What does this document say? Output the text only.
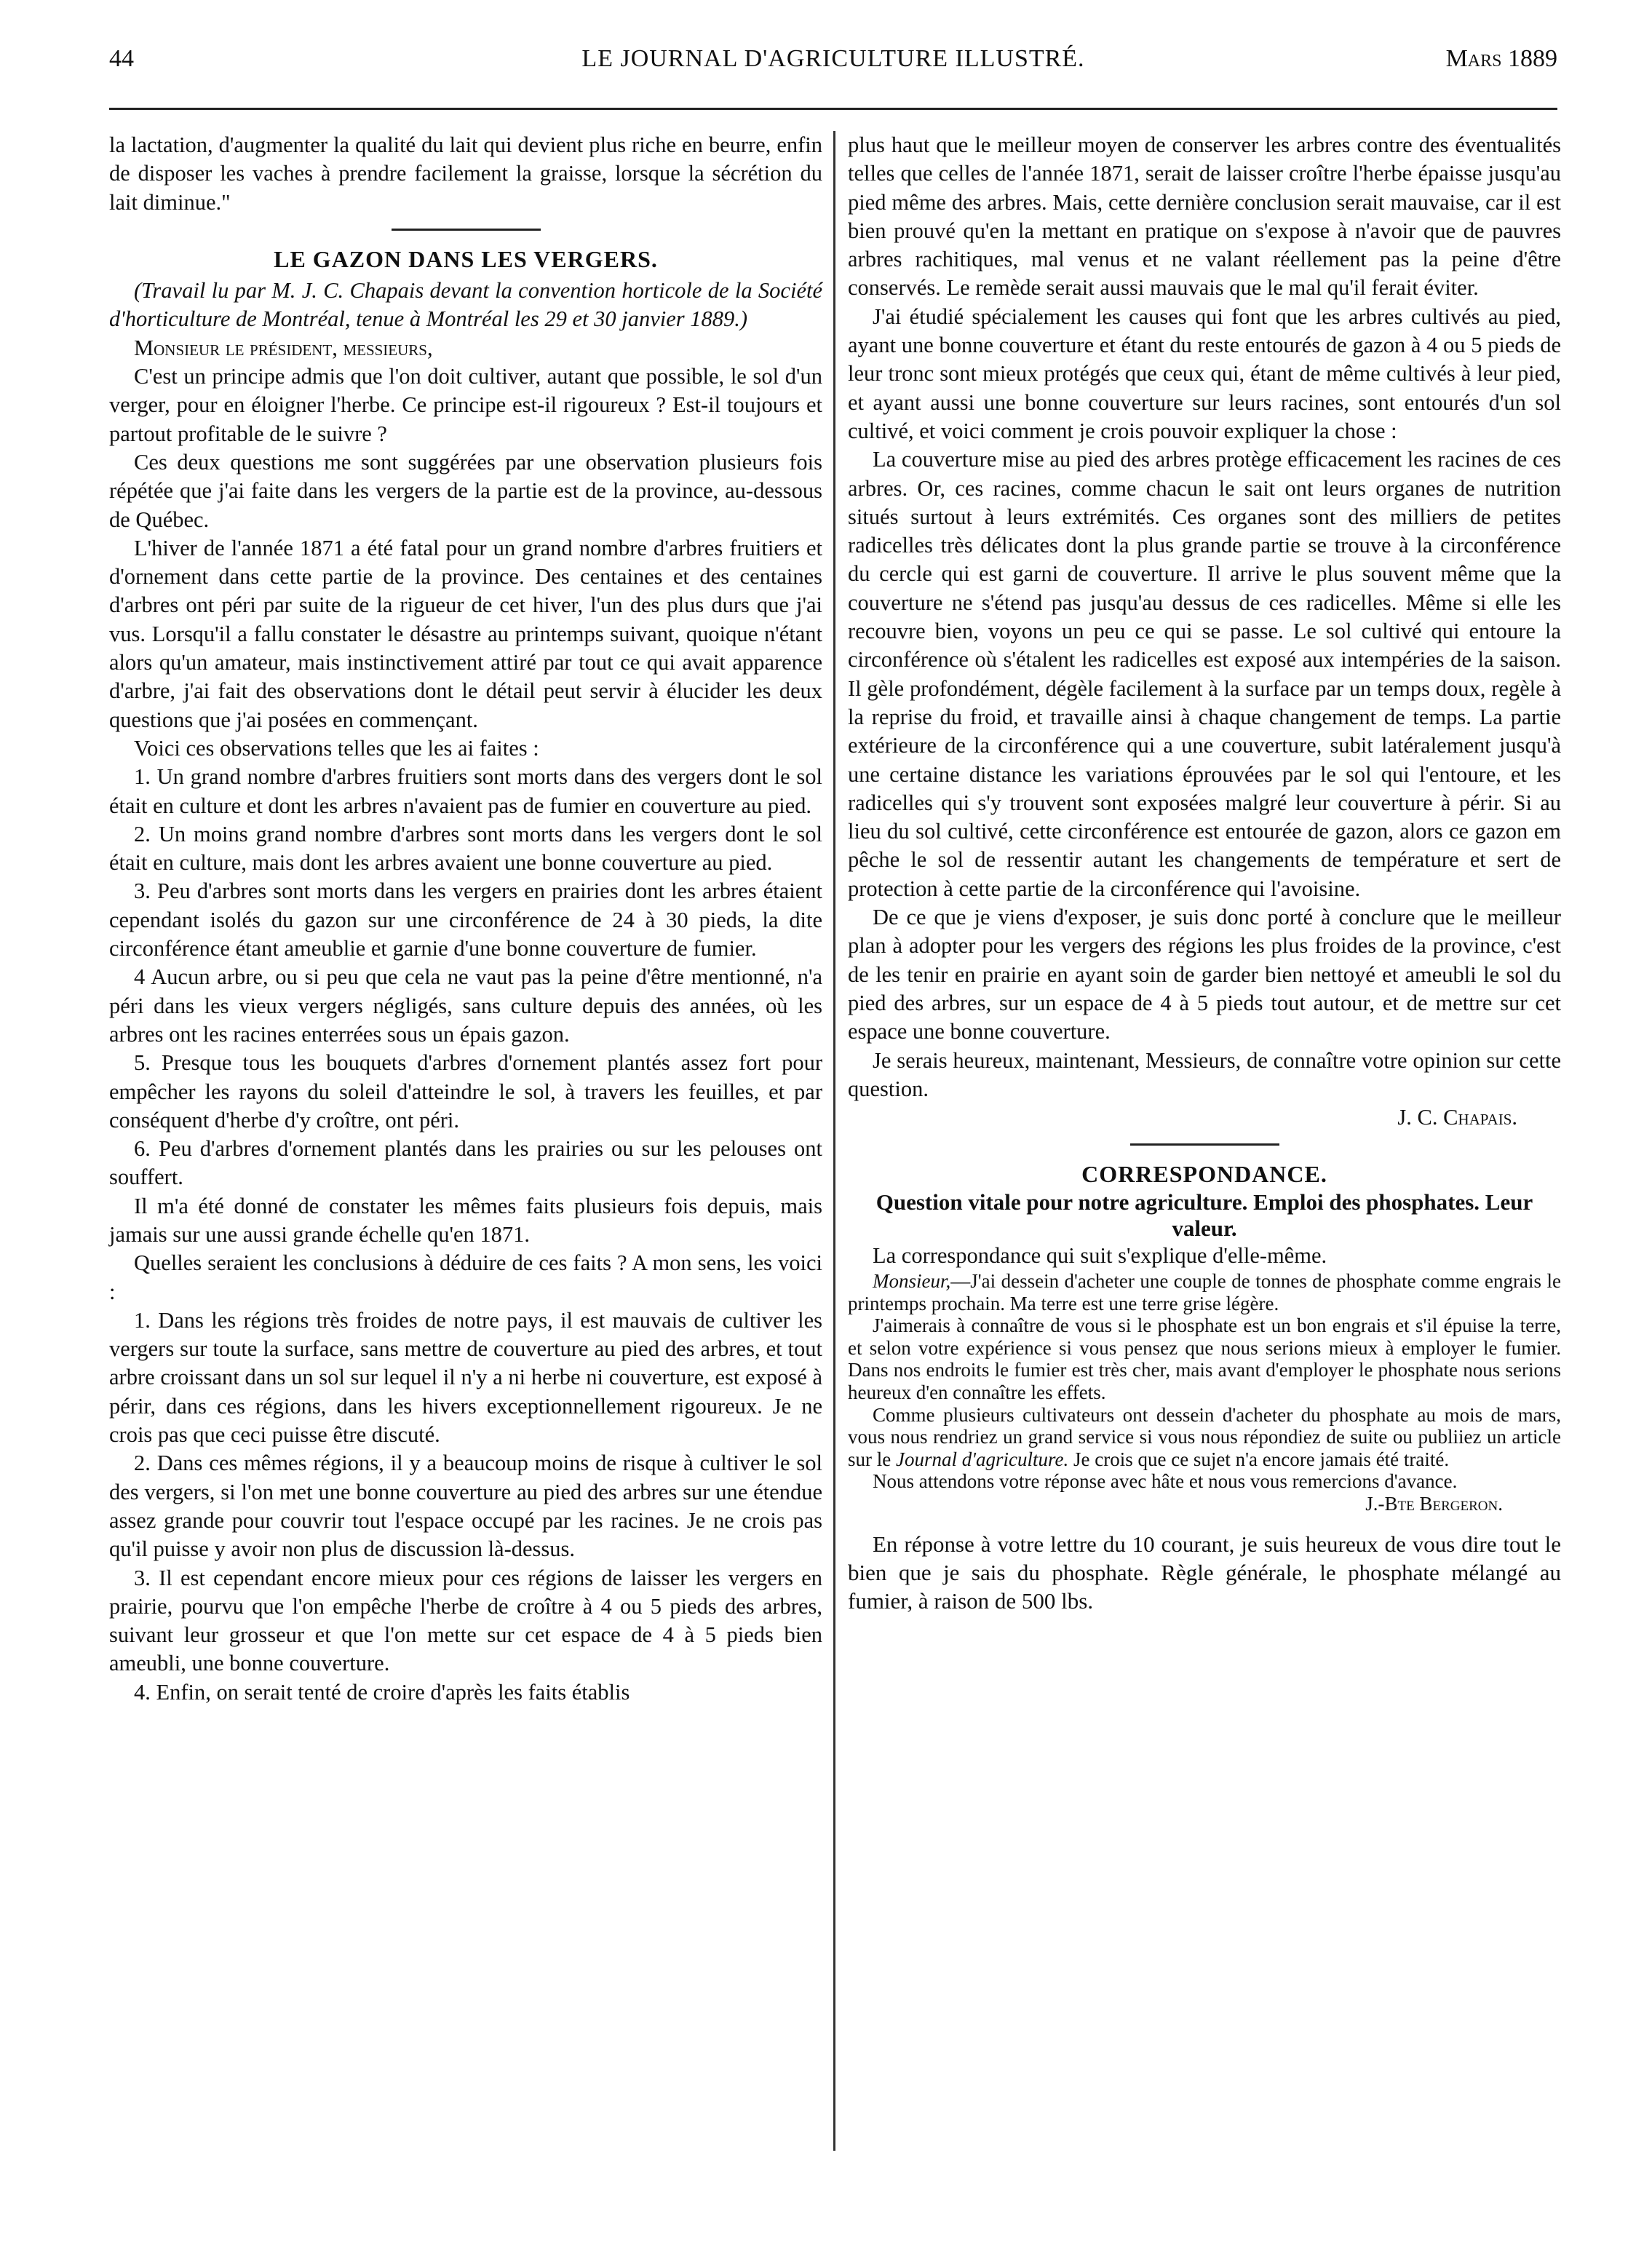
44	LE JOURNAL D'AGRICULTURE ILLUSTRÉ.	Mars 1889

la lactation, d'augmenter la qualité du lait qui devient plus riche en beurre, enfin de disposer les vaches à prendre facilement la graisse, lorsque la sécrétion du lait diminue."

LE GAZON DANS LES VERGERS.

(Travail lu par M. J. C. Chapais devant la convention horticole de la Société d'horticulture de Montréal, tenue à Montréal les 29 et 30 janvier 1889.)

Monsieur le président, messieurs,

C'est un principe admis que l'on doit cultiver, autant que possible, le sol d'un verger, pour en éloigner l'herbe. Ce principe est-il rigoureux ? Est-il toujours et partout profitable de le suivre ?

Ces deux questions me sont suggérées par une observation plusieurs fois répétée que j'ai faite dans les vergers de la partie est de la province, au-dessous de Québec.

L'hiver de l'année 1871 a été fatal pour un grand nombre d'arbres fruitiers et d'ornement dans cette partie de la province. Des centaines et des centaines d'arbres ont péri par suite de la rigueur de cet hiver, l'un des plus durs que j'ai vus. Lorsqu'il a fallu constater le désastre au printemps suivant, quoique n'étant alors qu'un amateur, mais instinctivement attiré par tout ce qui avait apparence d'arbre, j'ai fait des observations dont le détail peut servir à élucider les deux questions que j'ai posées en commençant.

Voici ces observations telles que les ai faites :

1. Un grand nombre d'arbres fruitiers sont morts dans des vergers dont le sol était en culture et dont les arbres n'avaient pas de fumier en couverture au pied.

2. Un moins grand nombre d'arbres sont morts dans les vergers dont le sol était en culture, mais dont les arbres avaient une bonne couverture au pied.

3. Peu d'arbres sont morts dans les vergers en prairies dont les arbres étaient cependant isolés du gazon sur une circonférence de 24 à 30 pieds, la dite circonférence étant ameublie et garnie d'une bonne couverture de fumier.

4 Aucun arbre, ou si peu que cela ne vaut pas la peine d'être mentionné, n'a péri dans les vieux vergers négligés, sans culture depuis des années, où les arbres ont les racines enterrées sous un épais gazon.

5. Presque tous les bouquets d'arbres d'ornement plantés assez fort pour empêcher les rayons du soleil d'atteindre le sol, à travers les feuilles, et par conséquent d'herbe d'y croître, ont péri.

6. Peu d'arbres d'ornement plantés dans les prairies ou sur les pelouses ont souffert.

Il m'a été donné de constater les mêmes faits plusieurs fois depuis, mais jamais sur une aussi grande échelle qu'en 1871.

Quelles seraient les conclusions à déduire de ces faits ? A mon sens, les voici :

1. Dans les régions très froides de notre pays, il est mauvais de cultiver les vergers sur toute la surface, sans mettre de couverture au pied des arbres, et tout arbre croissant dans un sol sur lequel il n'y a ni herbe ni couverture, est exposé à périr, dans ces régions, dans les hivers exceptionnellement rigoureux. Je ne crois pas que ceci puisse être discuté.

2. Dans ces mêmes régions, il y a beaucoup moins de risque à cultiver le sol des vergers, si l'on met une bonne couverture au pied des arbres sur une étendue assez grande pour couvrir tout l'espace occupé par les racines. Je ne crois pas qu'il puisse y avoir non plus de discussion là-dessus.

3. Il est cependant encore mieux pour ces régions de laisser les vergers en prairie, pourvu que l'on empêche l'herbe de croître à 4 ou 5 pieds des arbres, suivant leur grosseur et que l'on mette sur cet espace de 4 à 5 pieds bien ameubli, une bonne couverture.

4. Enfin, on serait tenté de croire d'après les faits établis

plus haut que le meilleur moyen de conserver les arbres contre des éventualités telles que celles de l'année 1871, serait de laisser croître l'herbe épaisse jusqu'au pied même des arbres. Mais, cette dernière conclusion serait mauvaise, car il est bien prouvé qu'en la mettant en pratique on s'expose à n'avoir que de pauvres arbres rachitiques, mal venus et ne valant réellement pas la peine d'être conservés. Le remède serait aussi mauvais que le mal qu'il ferait éviter.

J'ai étudié spécialement les causes qui font que les arbres cultivés au pied, ayant une bonne couverture et étant du reste entourés de gazon à 4 ou 5 pieds de leur tronc sont mieux protégés que ceux qui, étant de même cultivés à leur pied, et ayant aussi une bonne couverture sur leurs racines, sont entourés d'un sol cultivé, et voici comment je crois pouvoir expliquer la chose :

La couverture mise au pied des arbres protège efficacement les racines de ces arbres. Or, ces racines, comme chacun le sait ont leurs organes de nutrition situés surtout à leurs extrémités. Ces organes sont des milliers de petites radicelles très délicates dont la plus grande partie se trouve à la circonférence du cercle qui est garni de couverture. Il arrive le plus souvent même que la couverture ne s'étend pas jusqu'au dessus de ces radicelles. Même si elle les recouvre bien, voyons un peu ce qui se passe. Le sol cultivé qui entoure la circonférence où s'étalent les radicelles est exposé aux intempéries de la saison. Il gèle profondément, dégèle facilement à la surface par un temps doux, regèle à la reprise du froid, et travaille ainsi à chaque changement de temps. La partie extérieure de la circonférence qui a une couverture, subit latéralement jusqu'à une certaine distance les variations éprouvées par le sol qui l'entoure, et les radicelles qui s'y trouvent sont exposées malgré leur couverture à périr. Si au lieu du sol cultivé, cette circonférence est entourée de gazon, alors ce gazon em pêche le sol de ressentir autant les changements de température et sert de protection à cette partie de la circonférence qui l'avoisine.

De ce que je viens d'exposer, je suis donc porté à conclure que le meilleur plan à adopter pour les vergers des régions les plus froides de la province, c'est de les tenir en prairie en ayant soin de garder bien nettoyé et ameubli le sol du pied des arbres, sur un espace de 4 à 5 pieds tout autour, et de mettre sur cet espace une bonne couverture.

Je serais heureux, maintenant, Messieurs, de connaître votre opinion sur cette question.

J. C. Chapais.

CORRESPONDANCE.

Question vitale pour notre agriculture. Emploi des phosphates. Leur valeur.

La correspondance qui suit s'explique d'elle-même.

Monsieur,—J'ai dessein d'acheter une couple de tonnes de phosphate comme engrais le printemps prochain. Ma terre est une terre grise légère.

J'aimerais à connaître de vous si le phosphate est un bon engrais et s'il épuise la terre, et selon votre expérience si vous pensez que nous serions mieux à employer le fumier. Dans nos endroits le fumier est très cher, mais avant d'employer le phosphate nous serions heureux d'en connaître les effets.

Comme plusieurs cultivateurs ont dessein d'acheter du phosphate au mois de mars, vous nous rendriez un grand service si vous nous répondiez de suite ou publiiez un article sur le Journal d'agriculture. Je crois que ce sujet n'a encore jamais été traité.

Nous attendons votre réponse avec hâte et nous vous remercions d'avance.

J.-Bte Bergeron.

En réponse à votre lettre du 10 courant, je suis heureux de vous dire tout le bien que je sais du phosphate. Règle générale, le phosphate mélangé au fumier, à raison de 500 lbs.
